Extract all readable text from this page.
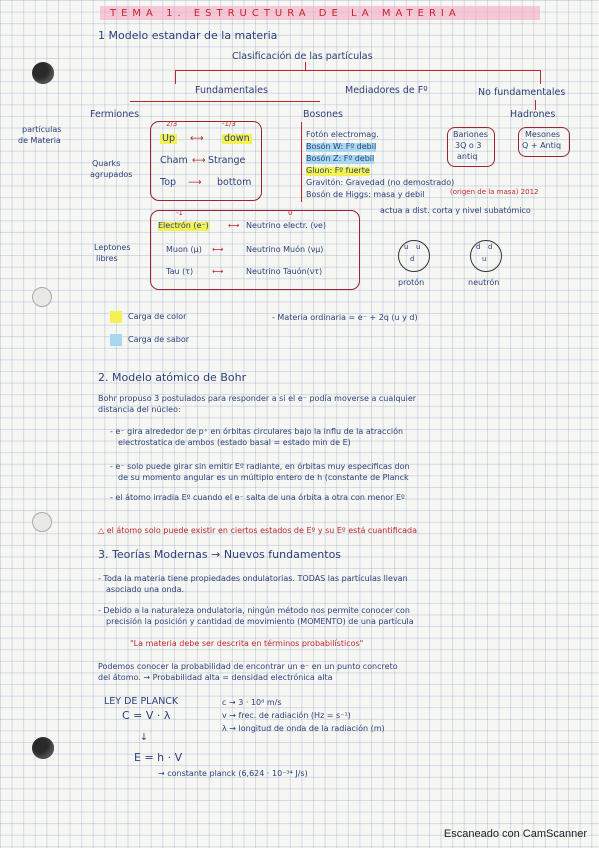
TEMA 1. ESTRUCTURA DE LA MATERIA
1 Modelo estandar de la materia
Clasificación de las partículas
Fundamentales	Mediadores de Fº	No fundamentales
Fermiones	Bosones	Hadrones
partículas
de Materia
Quarks
agrupados
2/3	-1/3
Up ⟷ down
Cham ⟷ Strange
Top ⟶ bottom
Fotón electromag.
Bosón W: Fº debil
Bosón Z: Fº debil
Gluon: Fº fuerte
Gravitón: Gravedad (no demostrado)
Bosón de Higgs: masa y debil	(origen de la masa) 2012
actua a dist. corta y nivel subatómico
Bariones
3Q o 3
antiq
Mesones
Q + Antiq
Leptones
libres
-1	0
Electrón (e⁻) ⟷ Neutrino electr. (νe)
Muon (μ) ⟷	Neutrino Muón (νμ)
Tau (τ) ⟷	Neutrino Tauón(ντ)
u u
d
d d
u
protón	neutrón
Carga de color
Carga de sabor
- Materia ordinaria = e⁻ + 2q (u y d)
2. Modelo atómico de Bohr
Bohr propuso 3 postulados para responder a si el e⁻ podía moverse a cualquier
distancia del núcleo:
- e⁻ gira alrededor de p⁺ en órbitas circulares bajo la influ de la atracción
electrostatica de ambos (estado basal = estado min de E)
- e⁻ solo puede girar sin emitir Eº radiante, en órbitas muy especificas don
de su momento angular es un múltiplo entero de h (constante de Planck
- el átomo irradia Eº cuando el e⁻ salta de una órbita a otra con menor Eº
△ el átomo solo puede existir en ciertos estados de Eº y su Eº está cuantificada
3. Teorías Modernas → Nuevos fundamentos
- Toda la materia tiene propiedades ondulatorias. TODAS las partículas llevan
asociado una onda.
- Debido a la naturaleza ondulatoria, ningún método nos permite conocer con
precisión la posición y cantidad de movimiento (MOMENTO) de una partícula
"La materia debe ser descrita en términos probabilísticos"
Podemos conocer la probabilidad de encontrar un e⁻ en un punto concreto
del átomo. → Probabilidad alta = densidad electrónica alta
LEY DE PLANCK
C = V · λ
c → 3 · 10⁸ m/s
v → frec. de radiación (Hz = s⁻¹)
λ → longitud de onda de la radiación (m)
↓
E = h · V
→ constante planck (6,624 · 10⁻³⁴ J/s)
Escaneado con CamScanner
